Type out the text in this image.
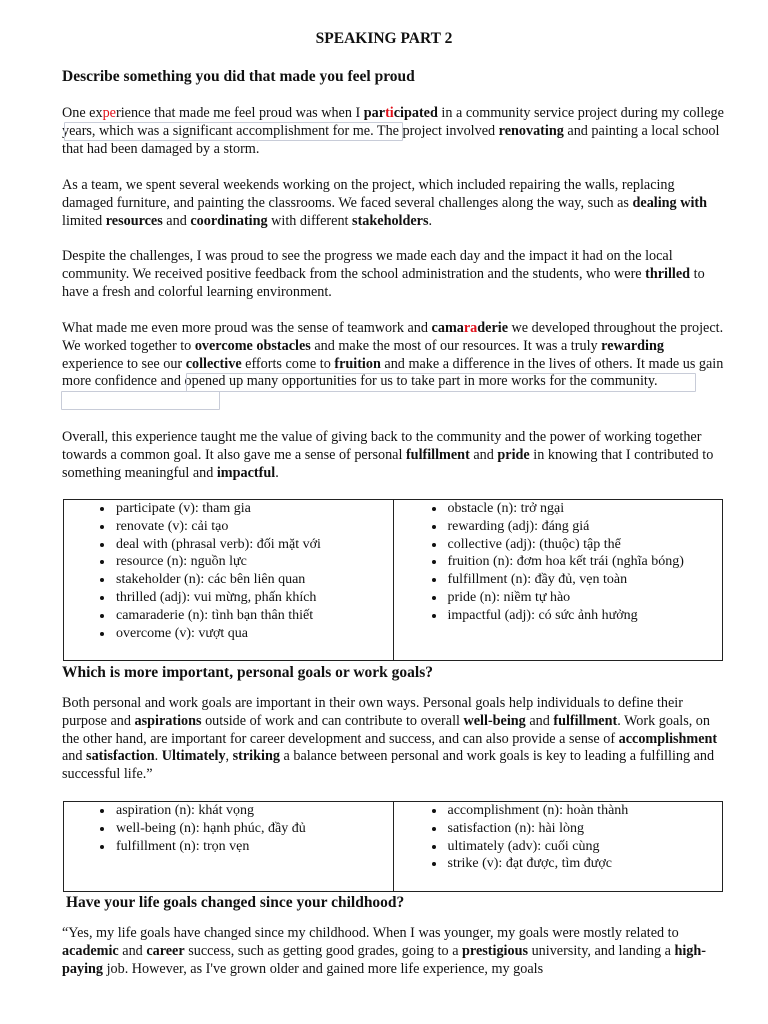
SPEAKING PART 2
Describe something you did that made you feel proud
One experience that made me feel proud was when I participated in a community service project during my college years, which was a significant accomplishment for me. The project involved renovating and painting a local school that had been damaged by a storm.
As a team, we spent several weekends working on the project, which included repairing the walls, replacing damaged furniture, and painting the classrooms. We faced several challenges along the way, such as dealing with limited resources and coordinating with different stakeholders.
Despite the challenges, I was proud to see the progress we made each day and the impact it had on the local community. We received positive feedback from the school administration and the students, who were thrilled to have a fresh and colorful learning environment.
What made me even more proud was the sense of teamwork and camaraderie we developed throughout the project. We worked together to overcome obstacles and make the most of our resources. It was a truly rewarding experience to see our collective efforts come to fruition and make a difference in the lives of others. It made us gain more confidence and opened up many opportunities for us to take part in more works for the community.
Overall, this experience taught me the value of giving back to the community and the power of working together towards a common goal. It also gave me a sense of personal fulfillment and pride in knowing that I contributed to something meaningful and impactful.
• participate (v): tham gia
• renovate (v): cải tạo
• deal with (phrasal verb): đối mặt với
• resource (n): nguồn lực
• stakeholder (n): các bên liên quan
• thrilled (adj): vui mừng, phấn khích
• camaraderie (n): tình bạn thân thiết
• overcome (v): vượt qua

• obstacle (n): trở ngại
• rewarding (adj): đáng giá
• collective (adj): (thuộc) tập thể
• fruition (n): đơm hoa kết trái (nghĩa bóng)
• fulfillment (n): đầy đủ, vẹn toàn
• pride (n): niềm tự hào
• impactful (adj): có sức ảnh hưởng
Which is more important, personal goals or work goals?
Both personal and work goals are important in their own ways. Personal goals help individuals to define their purpose and aspirations outside of work and can contribute to overall well-being and fulfillment. Work goals, on the other hand, are important for career development and success, and can also provide a sense of accomplishment and satisfaction. Ultimately, striking a balance between personal and work goals is key to leading a fulfilling and successful life.”
• aspiration (n): khát vọng
• well-being (n): hạnh phúc, đầy đủ
• fulfillment (n): trọn vẹn

• accomplishment (n): hoàn thành
• satisfaction (n): hài lòng
• ultimately (adv): cuối cùng
• strike (v): đạt được, tìm được
Have your life goals changed since your childhood?
“Yes, my life goals have changed since my childhood. When I was younger, my goals were mostly related to academic and career success, such as getting good grades, going to a prestigious university, and landing a high-paying job. However, as I've grown older and gained more life experience, my goals
